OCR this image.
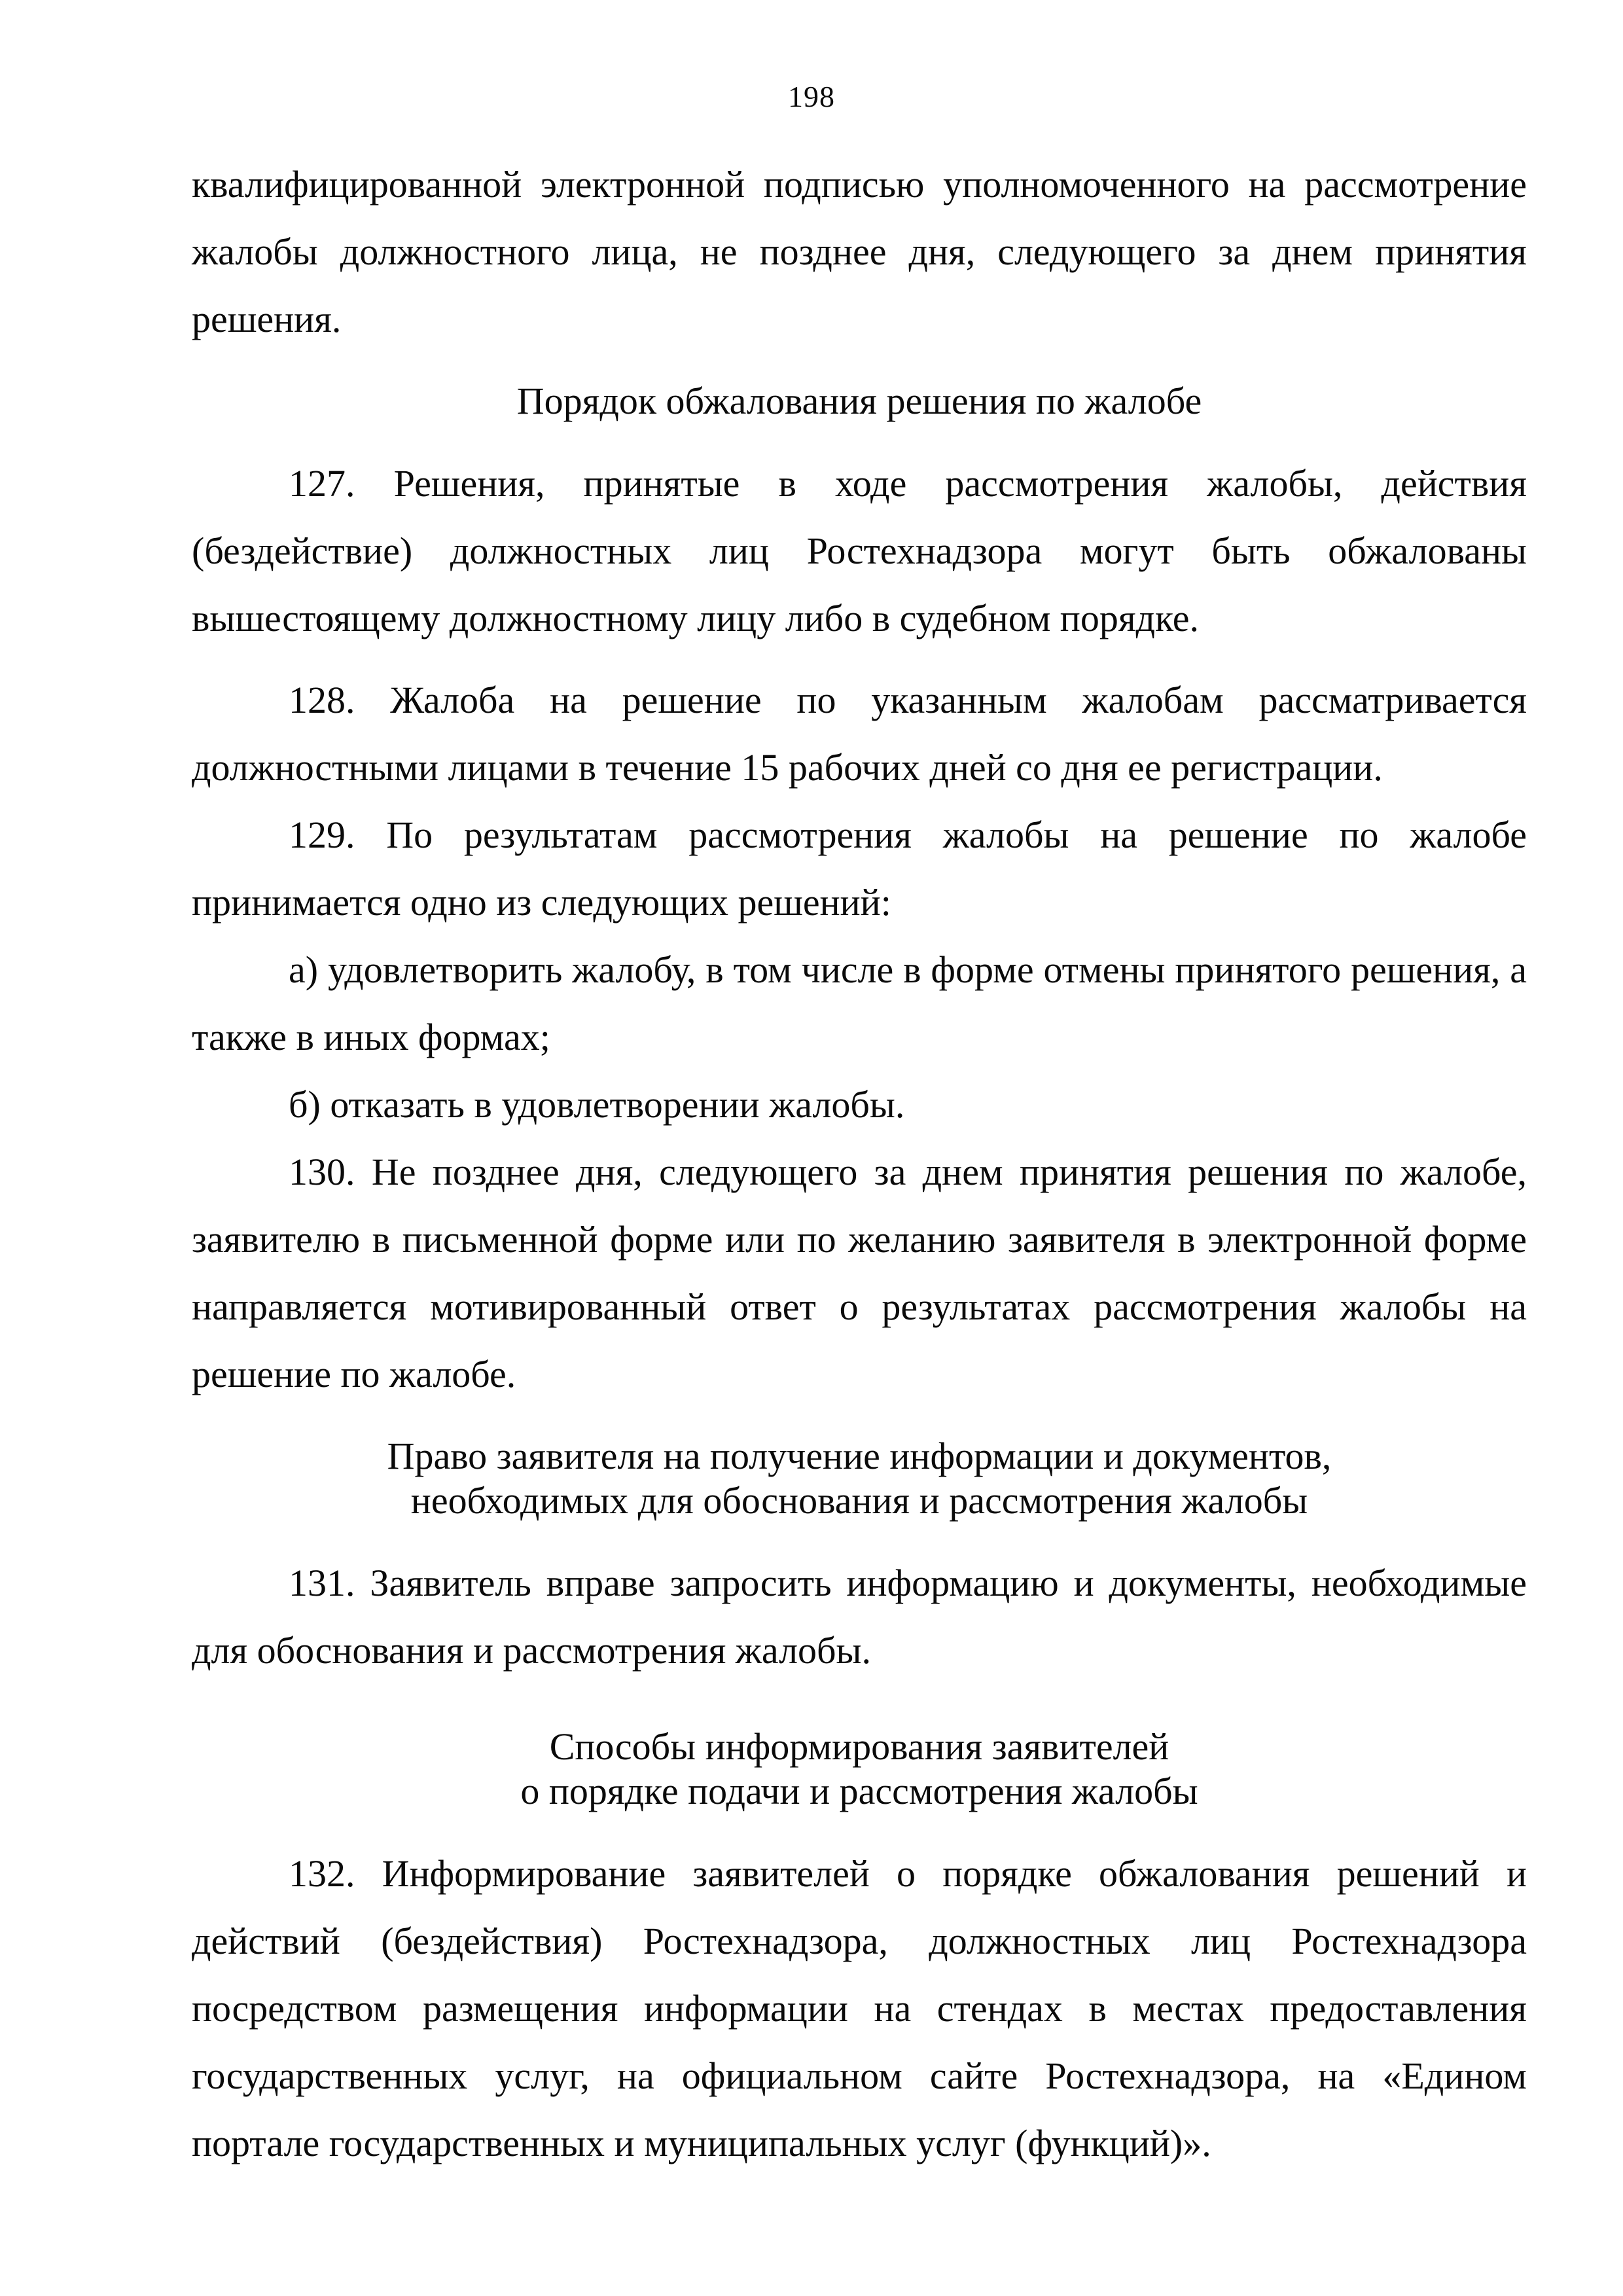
198

квалифицированной электронной подписью уполномоченного на рассмотрение жалобы должностного лица, не позднее дня, следующего за днем принятия решения.

Порядок обжалования решения по жалобе

127. Решения, принятые в ходе рассмотрения жалобы, действия (бездействие) должностных лиц Ростехнадзора могут быть обжалованы вышестоящему должностному лицу либо в судебном порядке.

128. Жалоба на решение по указанным жалобам рассматривается должностными лицами в течение 15 рабочих дней со дня ее регистрации.

129. По результатам рассмотрения жалобы на решение по жалобе принимается одно из следующих решений:

а) удовлетворить жалобу, в том числе в форме отмены принятого решения, а также в иных формах;

б) отказать в удовлетворении жалобы.

130. Не позднее дня, следующего за днем принятия решения по жалобе, заявителю в письменной форме или по желанию заявителя в электронной форме направляется мотивированный ответ о результатах рассмотрения жалобы на решение по жалобе.

Право заявителя на получение информации и документов,
необходимых для обоснования и рассмотрения жалобы

131. Заявитель вправе запросить информацию и документы, необходимые для обоснования и рассмотрения жалобы.

Способы информирования заявителей
о порядке подачи и рассмотрения жалобы

132. Информирование заявителей о порядке обжалования решений и действий (бездействия) Ростехнадзора, должностных лиц Ростехнадзора посредством размещения информации на стендах в местах предоставления государственных услуг, на официальном сайте Ростехнадзора, на «Едином портале государственных и муниципальных услуг (функций)».
